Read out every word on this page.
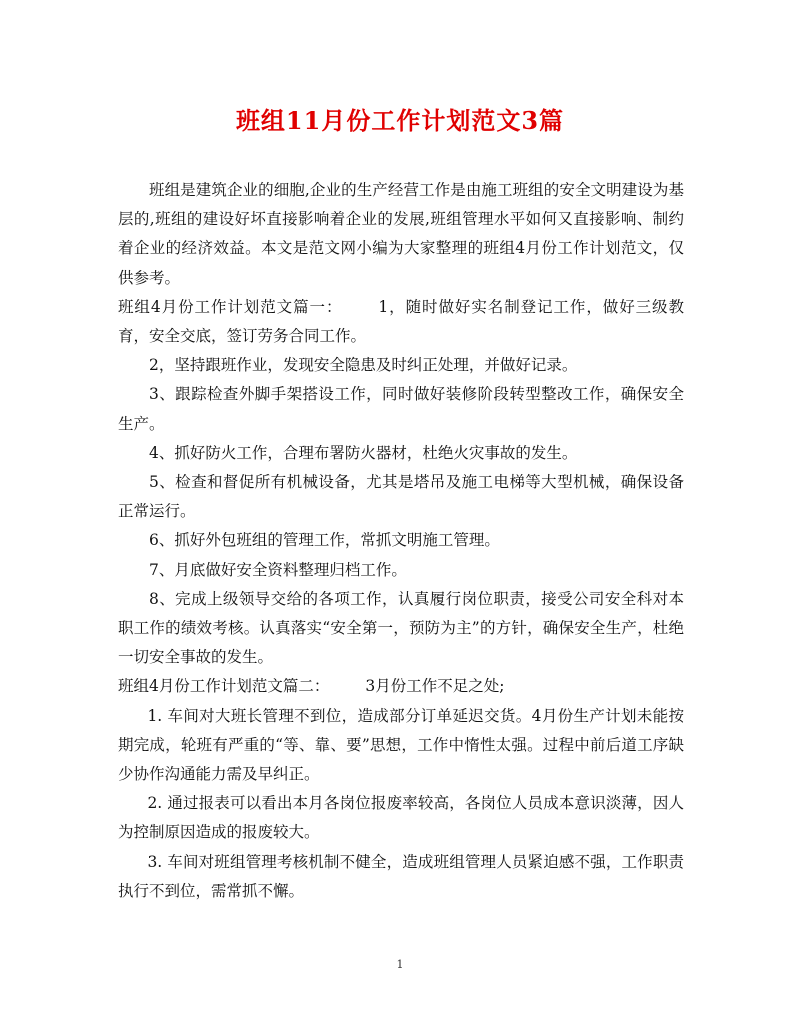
班组11月份工作计划范文3篇

班组是建筑企业的细胞,企业的生产经营工作是由施工班组的安全文明建设为基层的,班组的建设好坏直接影响着企业的发展,班组管理水平如何又直接影响、制约着企业的经济效益。本文是范文网小编为大家整理的班组4月份工作计划范文，仅供参考。

班组4月份工作计划范文篇一： 1，随时做好实名制登记工作，做好三级教育，安全交底，签订劳务合同工作。

2，坚持跟班作业，发现安全隐患及时纠正处理，并做好记录。

3、跟踪检查外脚手架搭设工作，同时做好装修阶段转型整改工作，确保安全生产。

4、抓好防火工作，合理布署防火器材，杜绝火灾事故的发生。

5、检查和督促所有机械设备，尤其是塔吊及施工电梯等大型机械，确保设备正常运行。

6、抓好外包班组的管理工作，常抓文明施工管理。

7、月底做好安全资料整理归档工作。

8、完成上级领导交给的各项工作，认真履行岗位职责，接受公司安全科对本职工作的绩效考核。认真落实“安全第一，预防为主”的方针，确保安全生产，杜绝一切安全事故的发生。

班组4月份工作计划范文篇二： 3月份工作不足之处;

1. 车间对大班长管理不到位，造成部分订单延迟交货。4月份生产计划未能按期完成，轮班有严重的“等、靠、要”思想，工作中惰性太强。过程中前后道工序缺少协作沟通能力需及早纠正。

2. 通过报表可以看出本月各岗位报废率较高，各岗位人员成本意识淡薄，因人为控制原因造成的报废较大。

3. 车间对班组管理考核机制不健全，造成班组管理人员紧迫感不强，工作职责执行不到位，需常抓不懈。

1
